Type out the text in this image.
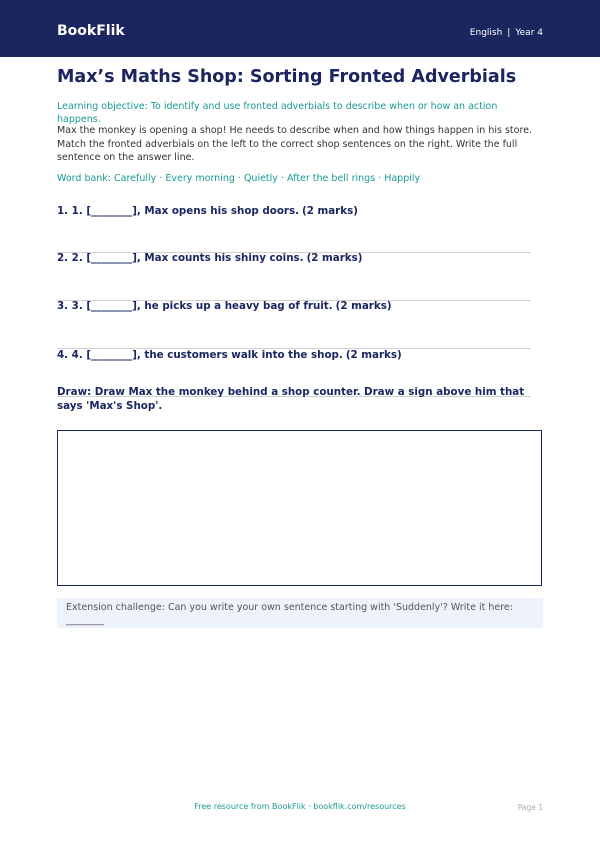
BookFlik	English | Year 4
Max’s Maths Shop: Sorting Fronted Adverbials
Learning objective: To identify and use fronted adverbials to describe when or how an action happens.
Max the monkey is opening a shop! He needs to describe when and how things happen in his store. Match the fronted adverbials on the left to the correct shop sentences on the right. Write the full sentence on the answer line.
Word bank: Carefully · Every morning · Quietly · After the bell rings · Happily
1. 1. [________], Max opens his shop doors. (2 marks)
2. 2. [________], Max counts his shiny coins. (2 marks)
3. 3. [________], he picks up a heavy bag of fruit. (2 marks)
4. 4. [________], the customers walk into the shop. (2 marks)
Draw: Draw Max the monkey behind a shop counter. Draw a sign above him that says 'Max's Shop'.
Extension challenge: Can you write your own sentence starting with 'Suddenly'? Write it here: ________
Free resource from BookFlik · bookflik.com/resources	Page 1
